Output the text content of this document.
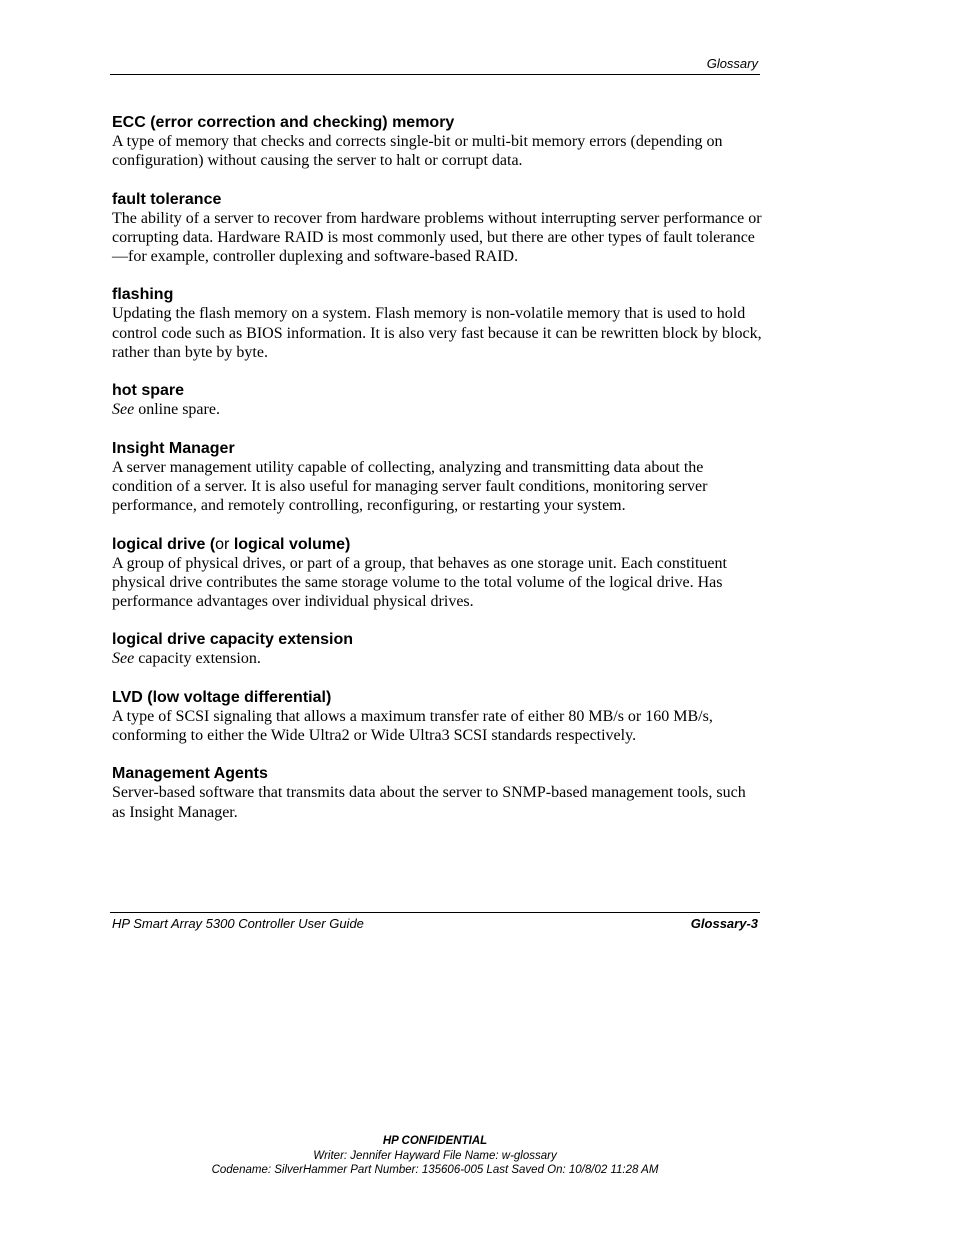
Glossary
ECC (error correction and checking) memory

A type of memory that checks and corrects single-bit or multi-bit memory errors (depending on configuration) without causing the server to halt or corrupt data.

fault tolerance

The ability of a server to recover from hardware problems without interrupting server performance or corrupting data. Hardware RAID is most commonly used, but there are other types of fault tolerance—for example, controller duplexing and software-based RAID.

flashing

Updating the flash memory on a system. Flash memory is non-volatile memory that is used to hold control code such as BIOS information. It is also very fast because it can be rewritten block by block, rather than byte by byte.

hot spare

See online spare.

Insight Manager

A server management utility capable of collecting, analyzing and transmitting data about the condition of a server. It is also useful for managing server fault conditions, monitoring server performance, and remotely controlling, reconfiguring, or restarting your system.

logical drive (or logical volume)

A group of physical drives, or part of a group, that behaves as one storage unit. Each constituent physical drive contributes the same storage volume to the total volume of the logical drive. Has performance advantages over individual physical drives.

logical drive capacity extension

See capacity extension.

LVD (low voltage differential)

A type of SCSI signaling that allows a maximum transfer rate of either 80 MB/s or 160 MB/s, conforming to either the Wide Ultra2 or Wide Ultra3 SCSI standards respectively.

Management Agents

Server-based software that transmits data about the server to SNMP-based management tools, such as Insight Manager.

HP Smart Array 5300 Controller User Guide	Glossary-3
HP CONFIDENTIAL
Writer: Jennifer Hayward File Name: w-glossary
Codename: SilverHammer Part Number: 135606-005 Last Saved On: 10/8/02 11:28 AM
